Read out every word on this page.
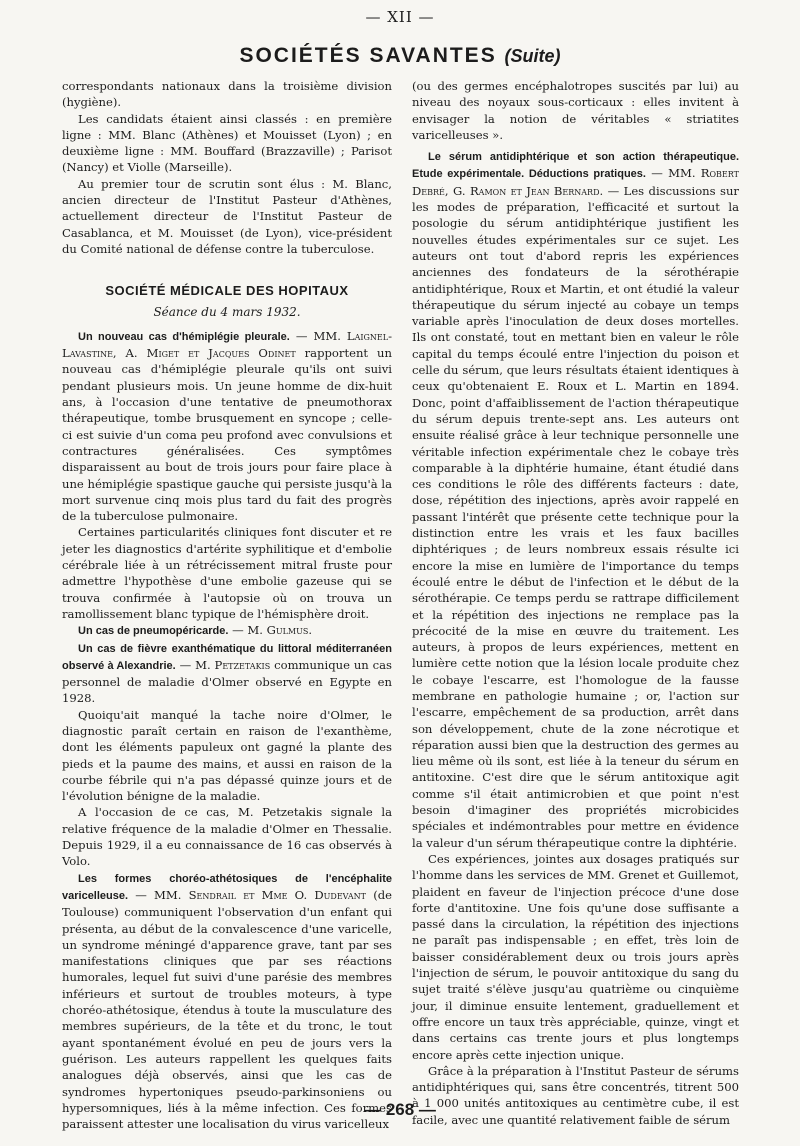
— XII —
SOCIÉTÉS SAVANTES (Suite)

correspondants nationaux dans la troisième division (hygiène).

Les candidats étaient ainsi classés : en première ligne : MM. Blanc (Athènes) et Mouisset (Lyon) ; en deuxième ligne : MM. Bouffard (Brazzaville) ; Parisot (Nancy) et Violle (Marseille).

Au premier tour de scrutin sont élus : M. Blanc, ancien directeur de l'Institut Pasteur d'Athènes, actuellement directeur de l'Institut Pasteur de Casablanca, et M. Mouisset (de Lyon), vice-président du Comité national de défense contre la tuberculose.

SOCIÉTÉ MÉDICALE DES HOPITAUX
Séance du 4 mars 1932.

Un nouveau cas d'hémiplégie pleurale. — MM. Laignel-Lavastine, A. Miget et Jacques Odinet rapportent un nouveau cas d'hémiplégie pleurale qu'ils ont suivi pendant plusieurs mois. Un jeune homme de dix-huit ans, à l'occasion d'une tentative de pneumothorax thérapeutique, tombe brusquement en syncope ; celle-ci est suivie d'un coma peu profond avec convulsions et contractures généralisées. Ces symptômes disparaissent au bout de trois jours pour faire place à une hémiplégie spastique gauche qui persiste jusqu'à la mort survenue cinq mois plus tard du fait des progrès de la tuberculose pulmonaire.

Certaines particularités cliniques font discuter et re jeter les diagnostics d'artérite syphilitique et d'embolie cérébrale liée à un rétrécissement mitral fruste pour admettre l'hypothèse d'une embolie gazeuse qui se trouva confirmée à l'autopsie où on trouva un ramollissement blanc typique de l'hémisphère droit.

Un cas de pneumopéricarde. — M. Gulmus.

Un cas de fièvre exanthématique du littoral méditerranéen observé à Alexandrie. — M. Petzetakis communique un cas personnel de maladie d'Olmer observé en Egypte en 1928.

Quoiqu'ait manqué la tache noire d'Olmer, le diagnostic paraît certain en raison de l'exanthème, dont les éléments papuleux ont gagné la plante des pieds et la paume des mains, et aussi en raison de la courbe fébrile qui n'a pas dépassé quinze jours et de l'évolution bénigne de la maladie.

A l'occasion de ce cas, M. Petzetakis signale la relative fréquence de la maladie d'Olmer en Thessalie. Depuis 1929, il a eu connaissance de 16 cas observés à Volo.

Les formes choréo-athétosiques de l'encéphalite varicelleuse. — MM. Sendrail et Mme O. Dudevant (de Toulouse) communiquent l'observation d'un enfant qui présenta, au début de la convalescence d'une varicelle, un syndrome méningé d'apparence grave, tant par ses manifestations cliniques que par ses réactions humorales, lequel fut suivi d'une parésie des membres inférieurs et surtout de troubles moteurs, à type choréo-athétosique, étendus à toute la musculature des membres supérieurs, de la tête et du tronc, le tout ayant spontanément évolué en peu de jours vers la guérison. Les auteurs rappellent les quelques faits analogues déjà observés, ainsi que les cas de syndromes hypertoniques pseudo-parkinsoniens ou hypersomniques, liés à la même infection. Ces formes paraissent attester une localisation du virus varicelleux

(ou des germes encéphalotropes suscités par lui) au niveau des noyaux sous-corticaux : elles invitent à envisager la notion de véritables « striatites varicelleuses ».

Le sérum antidiphtérique et son action thérapeutique. Etude expérimentale. Déductions pratiques. — MM. Robert Debré, G. Ramon et Jean Bernard. — Les discussions sur les modes de préparation, l'efficacité et surtout la posologie du sérum antidiphtérique justifient les nouvelles études expérimentales sur ce sujet. Les auteurs ont tout d'abord repris les expériences anciennes des fondateurs de la sérothérapie antidiphtérique, Roux et Martin, et ont étudié la valeur thérapeutique du sérum injecté au cobaye un temps variable après l'inoculation de deux doses mortelles. Ils ont constaté, tout en mettant bien en valeur le rôle capital du temps écoulé entre l'injection du poison et celle du sérum, que leurs résultats étaient identiques à ceux qu'obtenaient E. Roux et L. Martin en 1894. Donc, point d'affaiblissement de l'action thérapeutique du sérum depuis trente-sept ans. Les auteurs ont ensuite réalisé grâce à leur technique personnelle une véritable infection expérimentale chez le cobaye très comparable à la diphtérie humaine, étant étudié dans ces conditions le rôle des différents facteurs : date, dose, répétition des injections, après avoir rappelé en passant l'intérêt que présente cette technique pour la distinction entre les vrais et les faux bacilles diphtériques ; de leurs nombreux essais résulte ici encore la mise en lumière de l'importance du temps écoulé entre le début de l'infection et le début de la sérothérapie. Ce temps perdu se rattrape difficilement et la répétition des injections ne remplace pas la précocité de la mise en œuvre du traitement. Les auteurs, à propos de leurs expériences, mettent en lumière cette notion que la lésion locale produite chez le cobaye l'escarre, est l'homologue de la fausse membrane en pathologie humaine ; or, l'action sur l'escarre, empêchement de sa production, arrêt dans son développement, chute de la zone nécrotique et réparation aussi bien que la destruction des germes au lieu même où ils sont, est liée à la teneur du sérum en antitoxine. C'est dire que le sérum antitoxique agit comme s'il était antimicrobien et que point n'est besoin d'imaginer des propriétés microbicides spéciales et indémontrables pour mettre en évidence la valeur d'un sérum thérapeutique contre la diphtérie.

Ces expériences, jointes aux dosages pratiqués sur l'homme dans les services de MM. Grenet et Guillemot, plaident en faveur de l'injection précoce d'une dose forte d'antitoxine. Une fois qu'une dose suffisante a passé dans la circulation, la répétition des injections ne paraît pas indispensable ; en effet, très loin de baisser considérablement deux ou trois jours après l'injection de sérum, le pouvoir antitoxique du sang du sujet traité s'élève jusqu'au quatrième ou cinquième jour, il diminue ensuite lentement, graduellement et offre encore un taux très appréciable, quinze, vingt et dans certains cas trente jours et plus longtemps encore après cette injection unique.

Grâce à la préparation à l'Institut Pasteur de sérums antidiphtériques qui, sans être concentrés, titrent 500 à 1 000 unités antitoxiques au centimètre cube, il est facile, avec une quantité relativement faible de sérum

— 268 —
